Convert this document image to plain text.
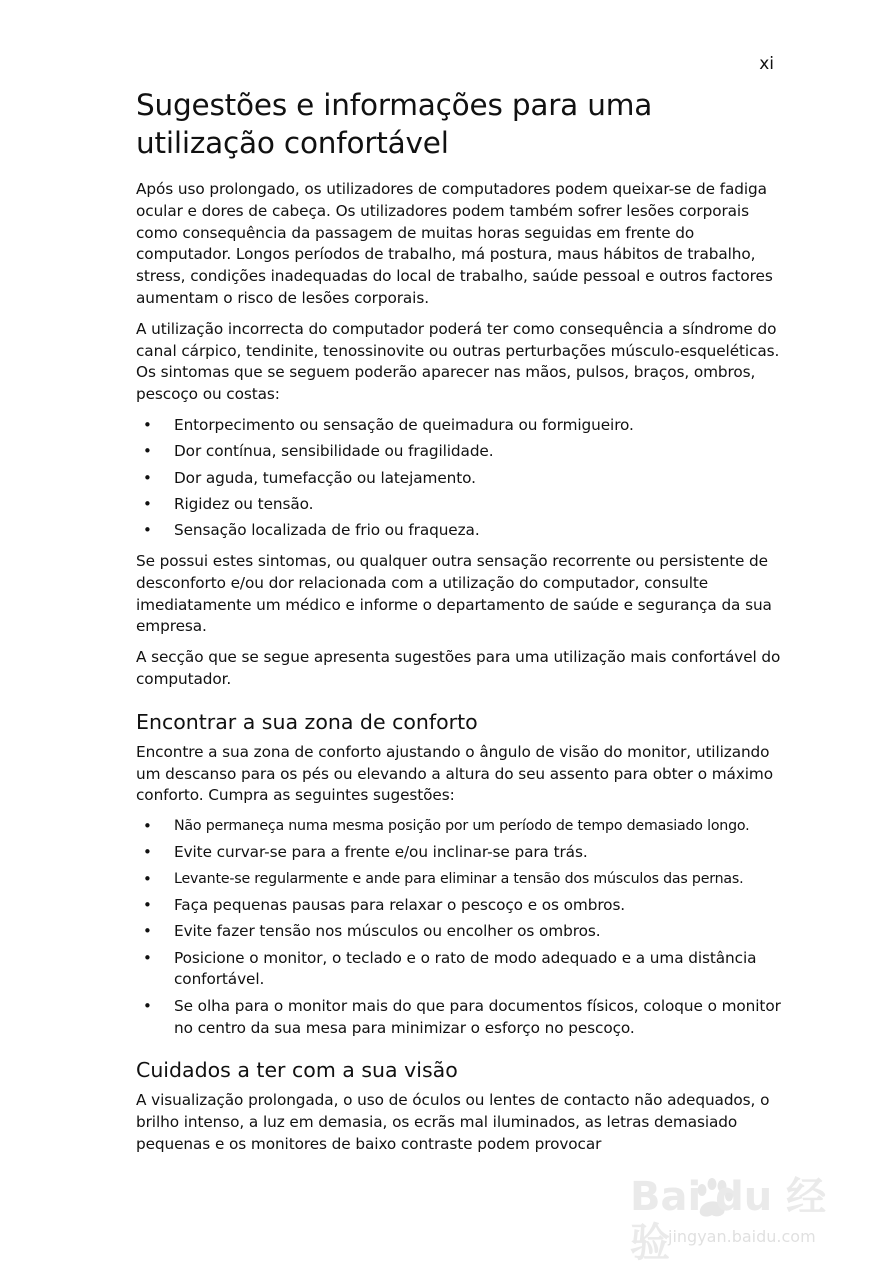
xi
Sugestões e informações para uma utilização confortável

Após uso prolongado, os utilizadores de computadores podem queixar-se de fadiga ocular e dores de cabeça. Os utilizadores podem também sofrer lesões corporais como consequência da passagem de muitas horas seguidas em frente do computador. Longos períodos de trabalho, má postura, maus hábitos de trabalho, stress, condições inadequadas do local de trabalho, saúde pessoal e outros factores aumentam o risco de lesões corporais.

A utilização incorrecta do computador poderá ter como consequência a síndrome do canal cárpico, tendinite, tenossinovite ou outras perturbações músculo-esqueléticas. Os sintomas que se seguem poderão aparecer nas mãos, pulsos, braços, ombros, pescoço ou costas:

• Entorpecimento ou sensação de queimadura ou formigueiro.
• Dor contínua, sensibilidade ou fragilidade.
• Dor aguda, tumefacção ou latejamento.
• Rigidez ou tensão.
• Sensação localizada de frio ou fraqueza.

Se possui estes sintomas, ou qualquer outra sensação recorrente ou persistente de desconforto e/ou dor relacionada com a utilização do computador, consulte imediatamente um médico e informe o departamento de saúde e segurança da sua empresa.

A secção que se segue apresenta sugestões para uma utilização mais confortável do computador.

Encontrar a sua zona de conforto

Encontre a sua zona de conforto ajustando o ângulo de visão do monitor, utilizando um descanso para os pés ou elevando a altura do seu assento para obter o máximo conforto. Cumpra as seguintes sugestões:

• Não permaneça numa mesma posição por um período de tempo demasiado longo.
• Evite curvar-se para a frente e/ou inclinar-se para trás.
• Levante-se regularmente e ande para eliminar a tensão dos músculos das pernas.
• Faça pequenas pausas para relaxar o pescoço e os ombros.
• Evite fazer tensão nos músculos ou encolher os ombros.
• Posicione o monitor, o teclado e o rato de modo adequado e a uma distância confortável.
• Se olha para o monitor mais do que para documentos físicos, coloque o monitor no centro da sua mesa para minimizar o esforço no pescoço.
Cuidados a ter com a sua visão

A visualização prolongada, o uso de óculos ou lentes de contacto não adequados, o brilho intenso, a luz em demasia, os ecrãs mal iluminados, as letras demasiado pequenas e os monitores de baixo contraste podem provocar

Bai du 经验
jingyan.baidu.com
